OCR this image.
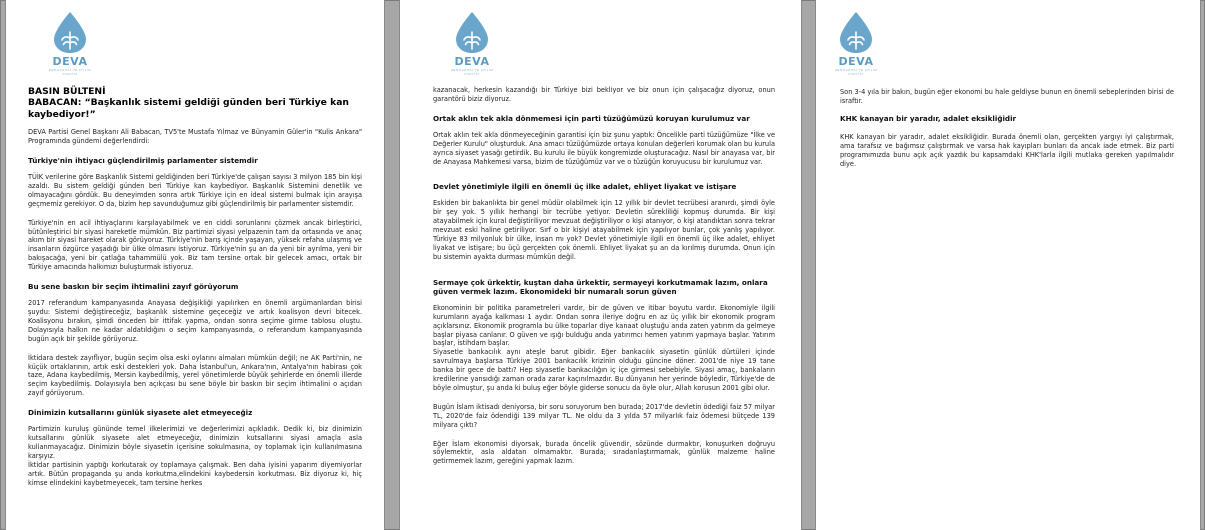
DEVA
DEMOKRASİ VE ATILIM PARTİSİ
BASIN BÜLTENİ
BABACAN: “Başkanlık sistemi geldiği günden beri Türkiye kan kaybediyor!”

DEVA Partisi Genel Başkanı Ali Babacan, TV5'te Mustafa Yılmaz ve Bünyamin Güler'in "Kulis Ankara" Programında gündemi değerlendirdi:

Türkiye'nin ihtiyacı güçlendirilmiş parlamenter sistemdir

TÜİK verilerine göre Başkanlık Sistemi geldiğinden beri Türkiye'de çalışan sayısı 3 milyon 185 bin kişi azaldı. Bu sistem geldiği günden beri Türkiye kan kaybediyor. Başkanlık Sistemini denetlik ve olmayacağını gördük. Bu deneyimden sonra artık Türkiye için en ideal sistemi bulmak için arayışa geçmemiz gerekiyor. O da, bizim hep savunduğumuz gibi güçlendirilmiş bir parlamenter sistemdir.

Türkiye'nin en acil ihtiyaçlarını karşılayabilmek ve en ciddi sorunlarını çözmek ancak birleştirici, bütünleştirici bir siyasi hareketle mümkün. Biz partimizi siyasi yelpazenin tam da ortasında ve anaç akım bir siyasi hareket olarak görüyoruz. Türkiye'nin barış içinde yaşayan, yüksek refaha ulaşmış ve insanların özgürce yaşadığı bir ülke olmasını istiyoruz. Türkiye'nin şu an da yeni bir ayrılma, yeni bir bakışacağa, yeni bir çatlağa tahammülü yok. Biz tam tersine ortak bir gelecek amacı, ortak bir Türkiye amacında halkımızı buluşturmak istiyoruz.

Bu sene baskın bir seçim ihtimalini zayıf görüyorum

2017 referandum kampanyasında Anayasa değişikliği yapılırken en önemli argümanlardan birisi şuydu: Sistemi değiştireceğiz, başkanlık sistemine geçeceğiz ve artık koalisyon devri bitecek. Koalisyonu bırakın, şimdi önceden bir ittifak yapma, ondan sonra seçime girme tablosu oluştu. Dolayısıyla halkın ne kadar aldatıldığını o seçim kampanyasında, o referandum kampanyasında bugün açık bir şekilde görüyoruz.

İktidara destek zayıflıyor, bugün seçim olsa eski oylarını almaları mümkün değil; ne AK Parti'nin, ne küçük ortaklarının, artık eski destekleri yok. Daha İstanbul'un, Ankara'nın, Antalya'nın habirası çok taze, Adana kaybedilmiş, Mersin kaybedilmiş, yerel yönetimlerde büyük şehirlerde en önemli illerde seçim kaybedilmiş. Dolayısıyla ben açıkçası bu sene böyle bir baskın bir seçim ihtimalini o açıdan zayıf görüyorum.

Dinimizin kutsallarını günlük siyasete alet etmeyeceğiz

Partimizin kuruluş gününde temel ilkelerimizi ve değerlerimizi açıkladık. Dedik ki, biz dinimizin kutsallarını günlük siyasete alet etmeyeceğiz, dinimizin kutsallarını siyasi amaçla asla kullanmayacağız. Dinimizin böyle siyasetin içerisine sokulmasına, oy toplamak için kullanılmasına karşıyız.

İktidar partisinin yaptığı korkutarak oy toplamaya çalışmak. Ben daha iyisini yaparım diyemiyorlar artık. Bütün propaganda şu anda korkutma,elindekini kaybedersin korkutması. Biz diyoruz ki, hiç kimse elindekini kaybetmeyecek, tam tersine herkes

DEVA
DEMOKRASİ VE ATILIM PARTİSİ

kazanacak, herkesin kazandığı bir Türkiye bizi bekliyor ve biz onun için çalışacağız diyoruz, onun garantörü biziz diyoruz.

Ortak aklın tek akla dönmemesi için parti tüzüğümüzü koruyan kurulumuz var

Ortak aklın tek akla dönmeyeceğinin garantisi için biz şunu yaptık: Öncelikle parti tüzüğümüze "İlke ve Değerler Kurulu" oluşturduk. Ana amacı tüzüğümüzde ortaya konulan değerleri korumak olan bu kurula ayrıca siyaset yasağı getirdik. Bu kurulu ile büyük kongremizde oluşturacağız. Nasıl bir anayasa var, bir de Anayasa Mahkemesi varsa, bizim de tüzüğümüz var ve o tüzüğün koruyucusu bir kurulumuz var.

Devlet yönetimiyle ilgili en önemli üç ilke adalet, ehliyet liyakat ve istişare

Eskiden bir bakanlıkta bir genel müdür olabilmek için 12 yıllık bir devlet tecrübesi aranırdı, şimdi öyle bir şey yok. 5 yıllık herhangi bir tecrübe yetiyor. Devletin sürekliliği kopmuş durumda. Bir kişi atayabilmek için kural değiştiriliyor mevzuat değiştiriliyor o kişi atanıyor, o kişi atandıktan sonra tekrar mevzuat eski haline getiriliyor. Sırf o bir kişiyi atayabilmek için yapılıyor bunlar, çok yanlış yapılıyor. Türkiye 83 milyonluk bir ülke, insan mı yok? Devlet yönetimiyle ilgili en önemli üç ilke adalet, ehliyet liyakat ve istişare; bu üçü gerçekten çok önemli. Ehliyet liyakat şu an da kırılmış durumda. Onun için bu sistemin ayakta durması mümkün değil.

Sermaye çok ürkektir, kuştan daha ürkektir, sermayeyi korkutmamak lazım, onlara güven vermek lazım. Ekonomideki bir numaralı sorun güven

Ekonominin bir politika parametreleri vardır, bir de güven ve itibar boyutu vardır. Ekonomiyle ilgili kurumların ayağa kalkması 1 aydır. Ondan sonra ileriye doğru en az üç yıllık bir ekonomik program açıklarsınız. Ekonomik programla bu ülke toparlar diye kanaat oluştuğu anda zaten yatırım da gelmeye başlar piyasa canlanır. O güven ve ışığı bulduğu anda yatırımcı hemen yatırım yapmaya başlar. Yatırım başlar, istihdam başlar.

Siyasetle bankacılık aynı ateşle barut gibidir. Eğer bankacılık siyasetin günlük dürtüleri içinde savrulmaya başlarsa Türkiye 2001 bankacılık krizinin olduğu güncine döner. 2001'de niye 19 tane banka bir gece de battı? Hep siyasetle bankacılığın iç içe girmesi sebebiyle. Siyasi amaç, bankaların kredilerine yansıdığı zaman orada zarar kaçınılmazdır. Bu dünyanın her yerinde böyledir, Türkiye'de de böyle olmuştur, şu anda ki buluş eğer böyle giderse sonucu da öyle olur, Allah korusun 2001 gibi olur.

Bugün İslam iktisadı deniyorsa, bir soru soruyorum ben burada; 2017'de devletin ödediği faiz 57 milyar TL, 2020'de faiz ödendiği 139 milyar TL. Ne oldu da 3 yılda 57 milyarlık faiz ödemesi bütçede 139 milyara çıktı?

Eğer İslam ekonomisi diyorsak, burada öncelik güvendir, sözünde durmaktır, konuşurken doğruyu söylemektir, asla aldatan olmamaktır. Burada; sıradanlaştırmamak, günlük malzeme haline getirmemek lazım, gereğini yapmak lazım.

DEVA
DEMOKRASİ VE ATILIM PARTİSİ

Son 3-4 yıla bir bakın, bugün eğer ekonomi bu hale geldiyse bunun en önemli sebeplerinden birisi de israftır.

KHK kanayan bir yaradır, adalet eksikliğidir

KHK kanayan bir yaradır, adalet eksikliğidir. Burada önemli olan, gerçekten yargıyı iyi çalıştırmak, ama tarafsız ve bağımsız çalıştırmak ve varsa hak kayıpları bunları da ancak iade etmek. Biz parti programımızda bunu açık açık yazdık bu kapsamdaki KHK'larla ilgili mutlaka gereken yapılmalıdır diye.
